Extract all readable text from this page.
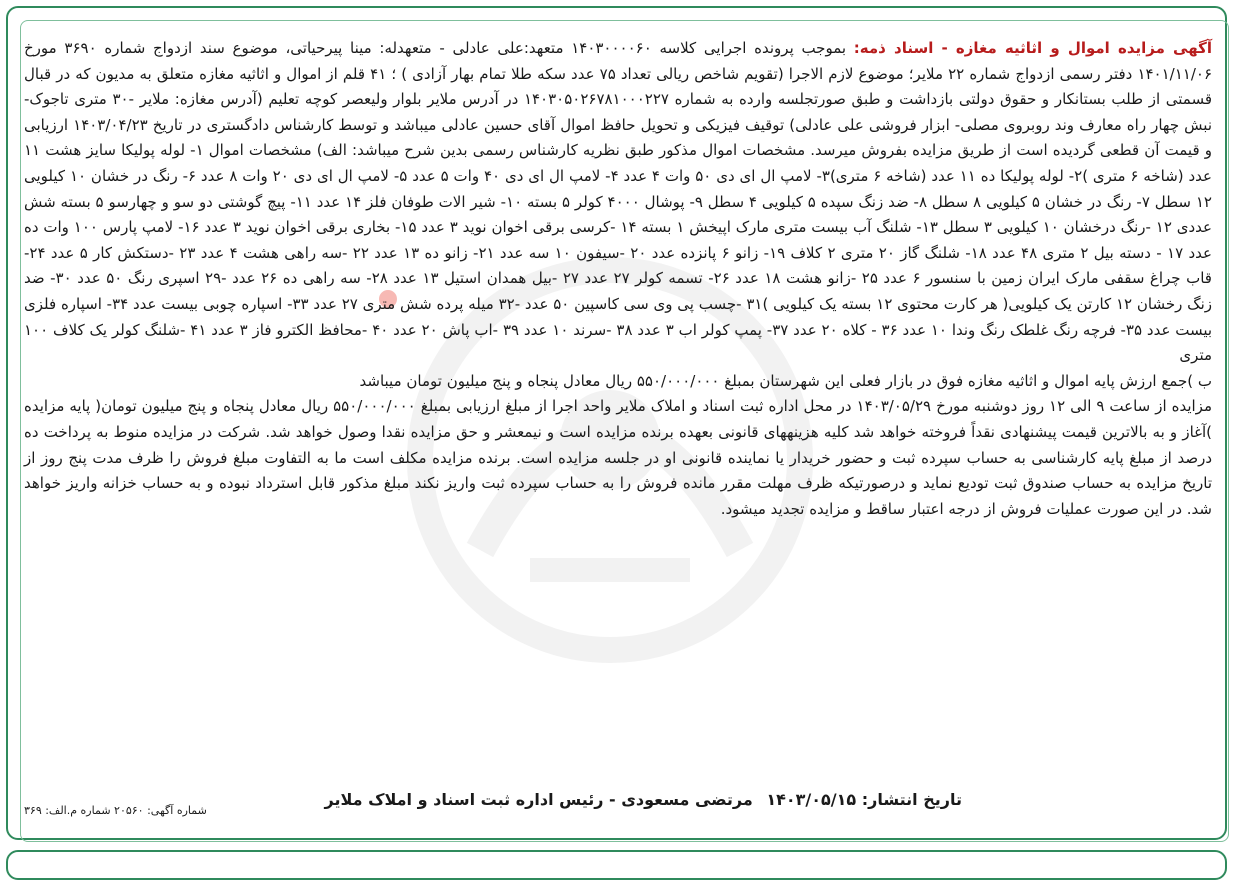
آگهی مزایده اموال و اثاثیه مغازه - اسناد ذمه: بموجب پرونده اجرایی کلاسه ۱۴۰۳۰۰۰۰۶۰ متعهد:علی عادلی - متعهدله: مینا پیرحیاتی، موضوع سند ازدواج شماره ۳۶۹۰ مورخ ۱۴۰۱/۱۱/۰۶ دفتر رسمی ازدواج شماره ۲۲ ملایر؛ موضوع لازم الاجرا (تقویم شاخص ریالی تعداد ۷۵ عدد سکه طلا تمام بهار آزادی ) ؛ ۴۱ قلم از اموال و اثاثیه مغازه متعلق به مدیون که در قبال قسمتی از طلب بستانکار و حقوق دولتی بازداشت و طبق صورتجلسه وارده به شماره ۱۴۰۳۰۵۰۲۶۷۸۱۰۰۰۲۲۷ در آدرس ملایر بلوار ولیعصر کوچه تعلیم (آدرس مغازه: ملایر -۳۰ متری تاجوک- نبش چهار راه معارف وند روبروی مصلی- ابزار فروشی علی عادلی) توقیف فیزیکی و تحویل حافظ اموال آقای حسین عادلی میباشد و توسط کارشناس دادگستری در تاریخ ۱۴۰۳/۰۴/۲۳ ارزیابی و قیمت آن قطعی گردیده است از طریق مزایده بفروش میرسد. مشخصات اموال مذکور طبق نظریه کارشناس رسمی بدین شرح میباشد: الف) مشخصات اموال ۱- لوله پولیکا سایز هشت ۱۱ عدد (شاخه ۶ متری )۲- لوله پولیکا ده ۱۱ عدد (شاخه ۶ متری)۳- لامپ ال ای دی ۵۰ وات ۴ عدد ۴- لامپ ال ای دی ۴۰ وات ۵ عدد ۵- لامپ ال ای دی ۲۰ وات ۸ عدد ۶- رنگ در خشان ۱۰ کیلویی ۱۲ سطل ۷- رنگ در خشان ۵ کیلویی ۸ سطل ۸- ضد زنگ سپده ۵ کیلویی ۴ سطل ۹- پوشال ۴۰۰۰ کولر ۵ بسته ۱۰- شیر الات طوفان فلز ۱۴ عدد ۱۱- پیچ گوشتی دو سو و چهارسو ۵ بسته شش عددی ۱۲ -رنگ درخشان ۱۰ کیلویی ۳ سطل ۱۳- شلنگ آب بیست متری مارک اپیخش ۱ بسته ۱۴ -کرسی برقی اخوان نوید ۳ عدد ۱۵- بخاری برقی اخوان نوید ۳ عدد ۱۶- لامپ پارس ۱۰۰ وات ده عدد ۱۷ - دسته بیل ۲ متری ۴۸ عدد ۱۸- شلنگ گاز ۲۰ متری ۲ کلاف ۱۹- زانو ۶ پانزده عدد ۲۰ -سیفون ۱۰ سه عدد ۲۱- زانو ده ۱۳ عدد ۲۲ -سه راهی هشت ۴ عدد ۲۳ -دستکش کار ۵ عدد ۲۴- قاب چراغ سقفی مارک ایران زمین با سنسور ۶ عدد ۲۵ -زانو هشت ۱۸ عدد ۲۶- تسمه کولر ۲۷ عدد ۲۷ -بیل همدان استیل ۱۳ عدد ۲۸- سه راهی ده ۲۶ عدد -۲۹ اسپری رنگ ۵۰ عدد ۳۰- ضد زنگ رخشان ۱۲ کارتن یک کیلویی( هر کارت محتوی ۱۲ بسته یک کیلویی )۳۱ -چسب پی وی سی کاسپین ۵۰ عدد -۳۲ میله پرده شش متری ۲۷ عدد ۳۳- اسپاره چوبی بیست عدد ۳۴- اسپاره فلزی بیست عدد ۳۵- فرچه رنگ غلطک رنگ وندا ۱۰ عدد ۳۶ - کلاه ۲۰ عدد ۳۷- پمپ کولر اب ۳ عدد ۳۸ -سرند ۱۰ عدد ۳۹ -اب پاش ۲۰ عدد ۴۰ -محافظ الکترو فاز ۳ عدد ۴۱ -شلنگ کولر یک کلاف ۱۰۰ متری

ب )جمع ارزش پایه اموال و اثاثیه مغازه فوق در بازار فعلی این شهرستان بمبلغ ۵۵۰/۰۰۰/۰۰۰ ریال معادل پنجاه و پنج میلیون تومان میباشد

مزایده از ساعت ۹ الی ۱۲ روز دوشنبه مورخ ۱۴۰۳/۰۵/۲۹ در محل اداره ثبت اسناد و املاک ملایر واحد اجرا از مبلغ ارزیابی بمبلغ ۵۵۰/۰۰۰/۰۰۰ ریال معادل پنجاه و پنج میلیون تومان( پایه مزایده )آغاز و به بالاترین قیمت پیشنهادی نقداً فروخته خواهد شد کلیه هزینههای قانونی بعهده برنده مزایده است و نیمعشر و حق مزایده نقدا وصول خواهد شد. شرکت در مزایده منوط به پرداخت ده درصد از مبلغ پایه کارشناسی به حساب سپرده ثبت و حضور خریدار یا نماینده قانونی او در جلسه مزایده است. برنده مزایده مکلف است ما به التفاوت مبلغ فروش را ظرف مدت پنج روز از تاریخ مزایده به حساب صندوق ثبت تودیع نماید و درصورتیکه ظرف مهلت مقرر مانده فروش را به حساب سپرده ثبت واریز نکند مبلغ مذکور قابل استرداد نبوده و به حساب خزانه واریز خواهد شد. در این صورت عملیات فروش از درجه اعتبار ساقط و مزایده تجدید میشود.

تاریخ انتشار: ۱۴۰۳/۰۵/۱۵ مرتضی مسعودی - رئیس اداره ثبت اسناد و املاک ملایر
شماره آگهی: ۲۰۵۶۰ شماره م.الف: ۳۶۹
